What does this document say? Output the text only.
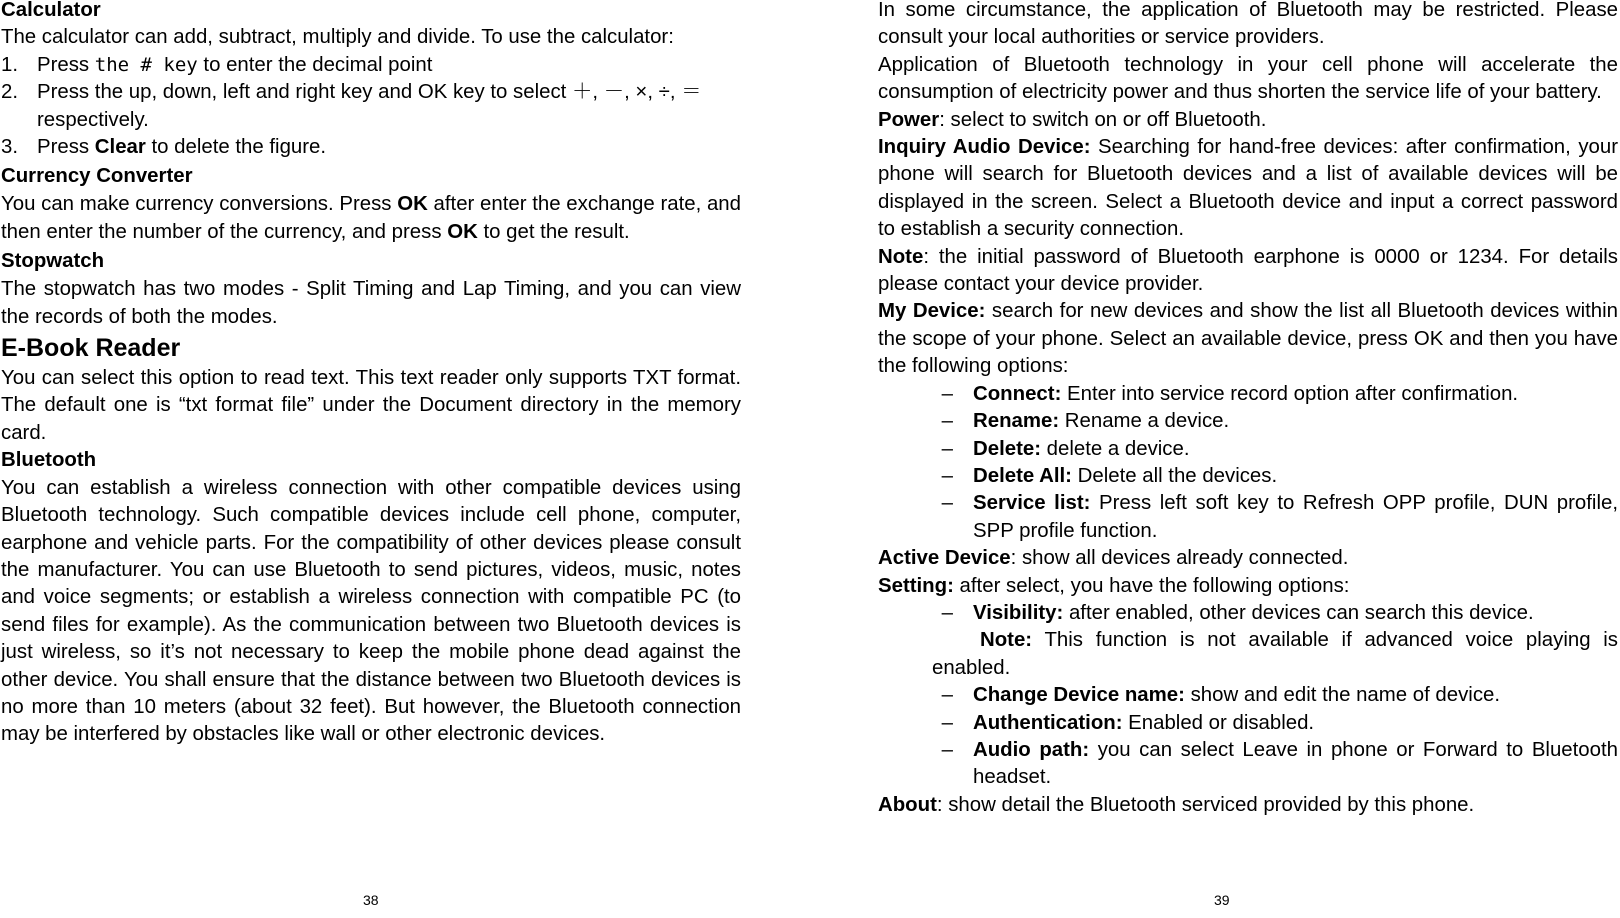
Calculator

The calculator can add, subtract, multiply and divide. To use the calculator:

1. Press the # key to enter the decimal point
2. Press the up, down, left and right key and OK key to select ＋, －, ×, ÷, ＝ respectively.
3. Press Clear to delete the figure.
Currency Converter

You can make currency conversions. Press OK after enter the exchange rate, and then enter the number of the currency, and press OK to get the result.

Stopwatch

The stopwatch has two modes - Split Timing and Lap Timing, and you can view the records of both the modes.

E-Book Reader

You can select this option to read text. This text reader only supports TXT format. The default one is “txt format file” under the Document directory in the memory card.

Bluetooth

You can establish a wireless connection with other compatible devices using Bluetooth technology. Such compatible devices include cell phone, computer, earphone and vehicle parts. For the compatibility of other devices please consult the manufacturer. You can use Bluetooth to send pictures, videos, music, notes and voice segments; or establish a wireless connection with compatible PC (to send files for example). As the communication between two Bluetooth devices is just wireless, so it’s not necessary to keep the mobile phone dead against the other device. You shall ensure that the distance between two Bluetooth devices is no more than 10 meters (about 32 feet). But however, the Bluetooth connection may be interfered by obstacles like wall or other electronic devices.

38

In some circumstance, the application of Bluetooth may be restricted. Please consult your local authorities or service providers.

Application of Bluetooth technology in your cell phone will accelerate the consumption of electricity power and thus shorten the service life of your battery.

Power: select to switch on or off Bluetooth.

Inquiry Audio Device: Searching for hand-free devices: after confirmation, your phone will search for Bluetooth devices and a list of available devices will be displayed in the screen. Select a Bluetooth device and input a correct password to establish a security connection.

Note: the initial password of Bluetooth earphone is 0000 or 1234. For details please contact your device provider.

My Device: search for new devices and show the list all Bluetooth devices within the scope of your phone. Select an available device, press OK and then you have the following options:

– Connect: Enter into service record option after confirmation.
– Rename: Rename a device.
– Delete: delete a device.
– Delete All: Delete all the devices.
– Service list: Press left soft key to Refresh OPP profile, DUN profile, SPP profile function.

Active Device: show all devices already connected.

Setting: after select, you have the following options:

– Visibility: after enabled, other devices can search this device.

Note: This function is not available if advanced voice playing is enabled.

– Change Device name: show and edit the name of device.
– Authentication: Enabled or disabled.
– Audio path: you can select Leave in phone or Forward to Bluetooth headset.

About: show detail the Bluetooth serviced provided by this phone.

39
